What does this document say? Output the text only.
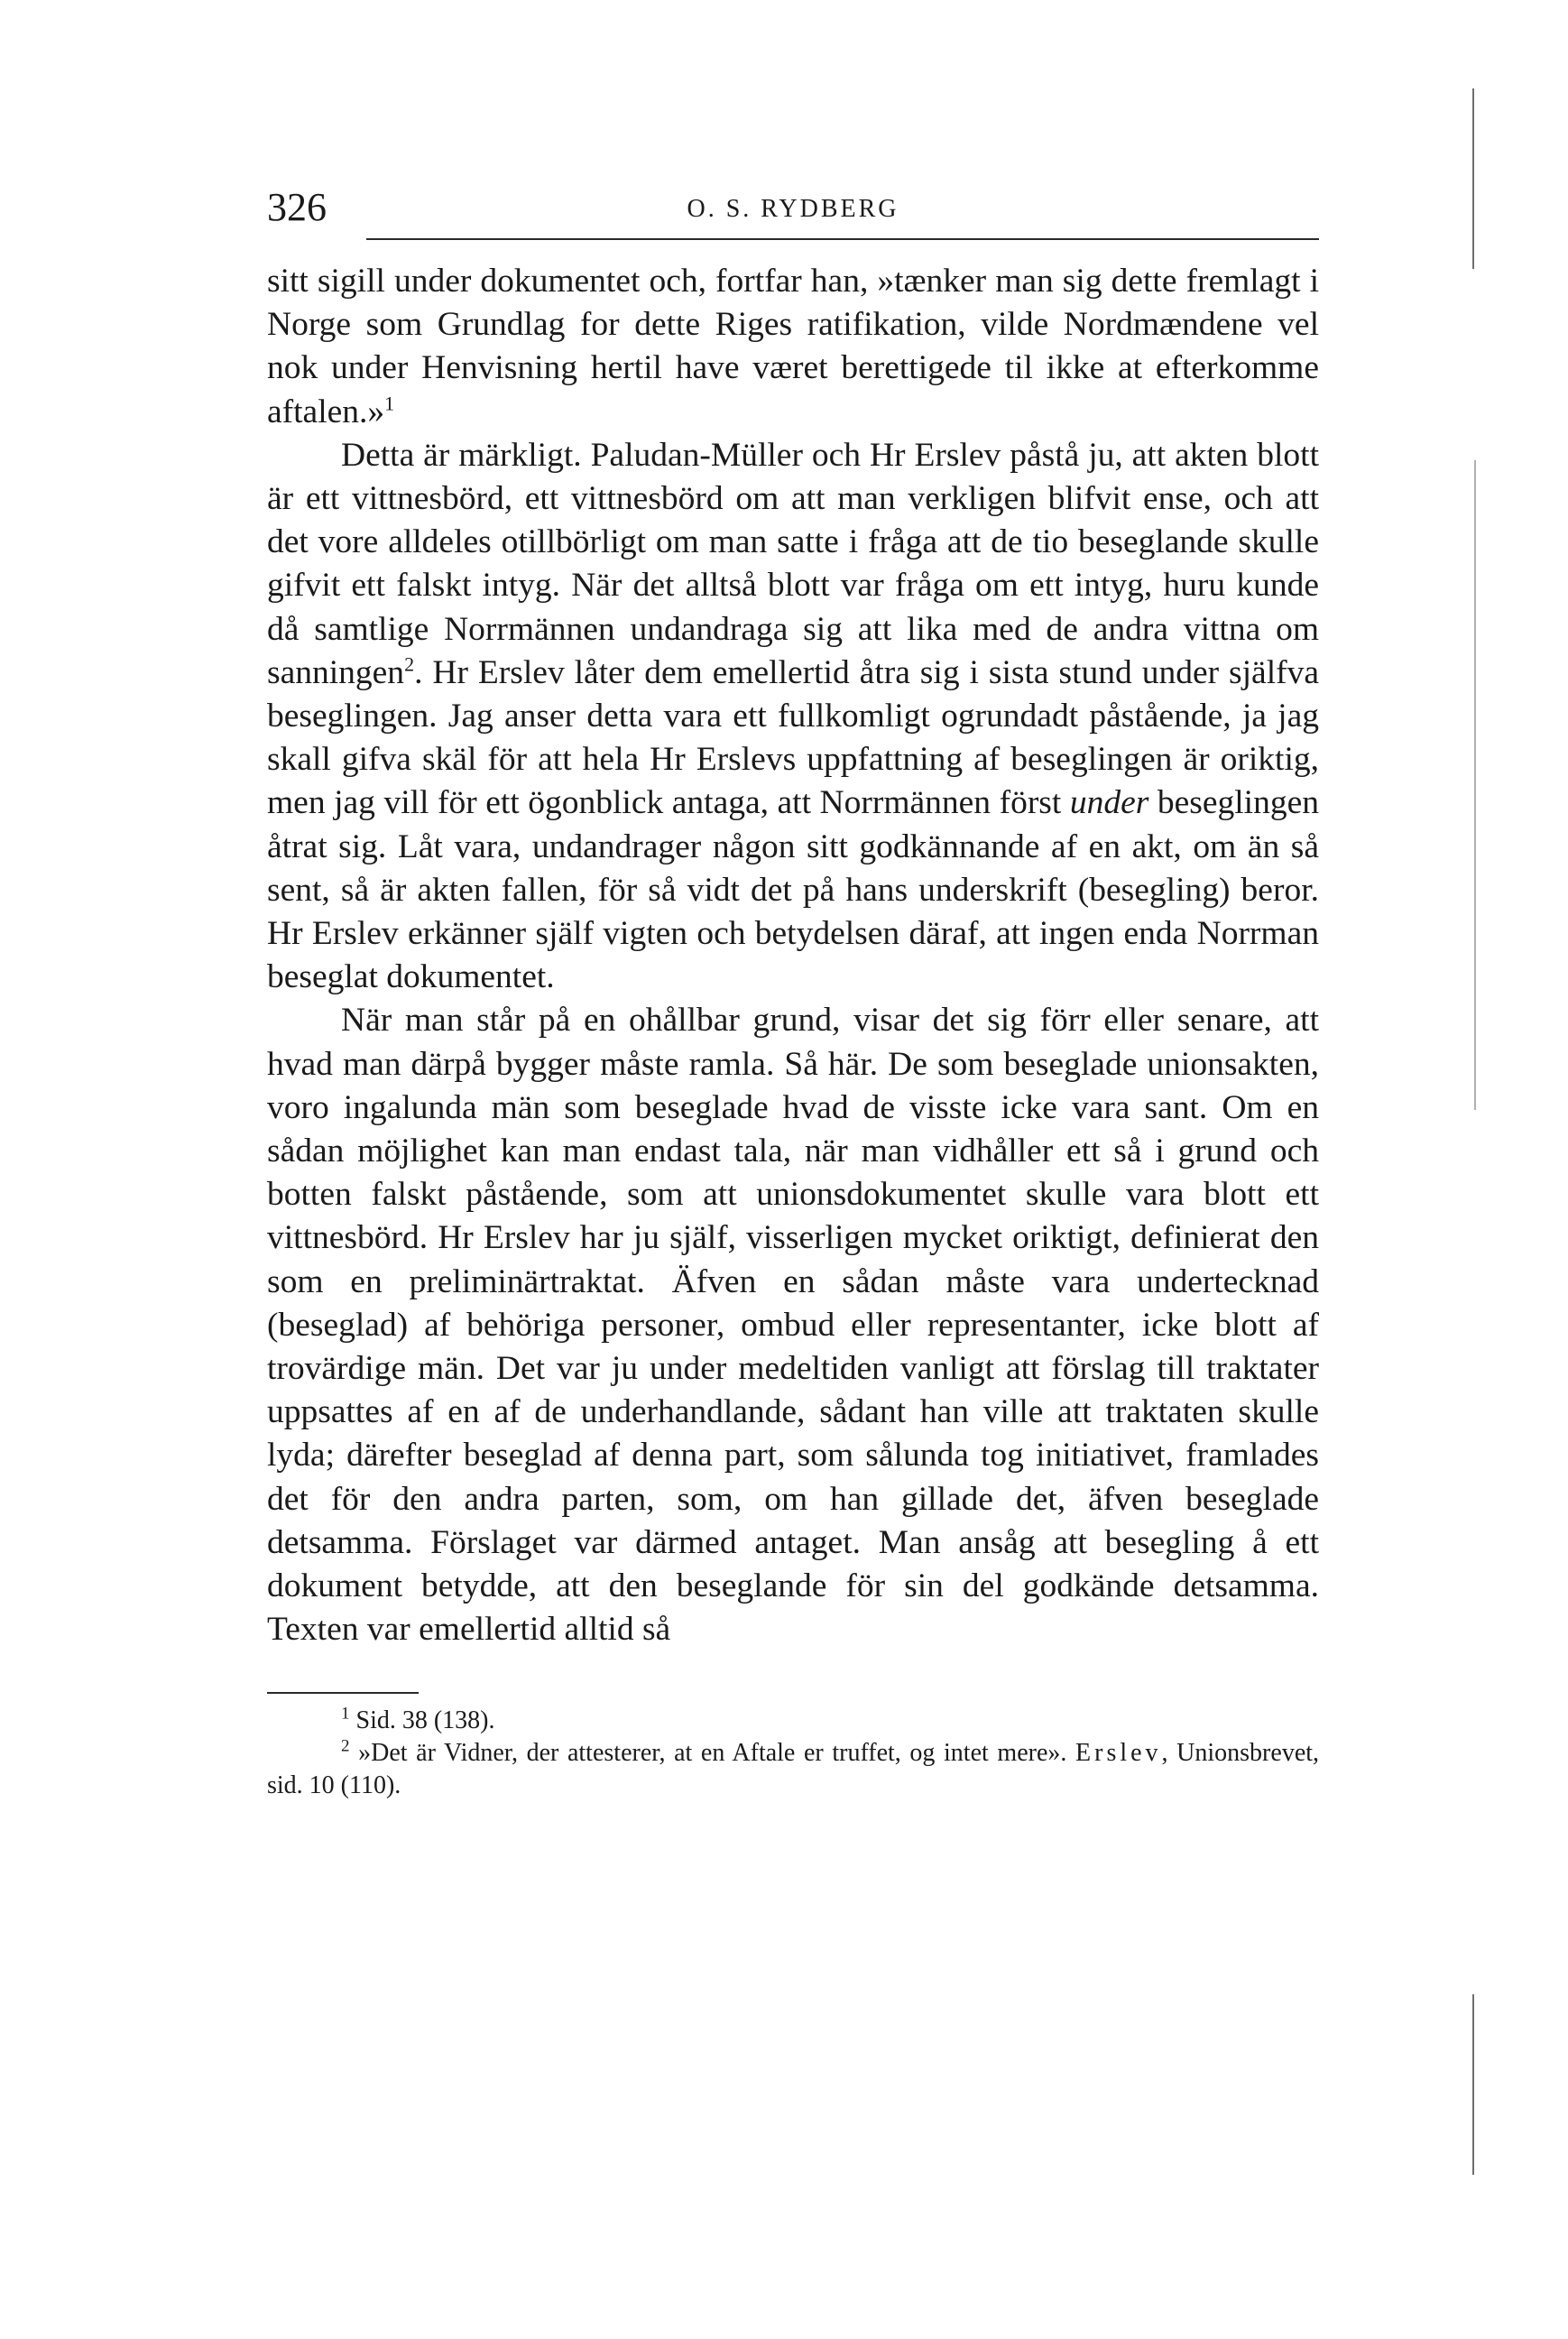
326	O. S. RYDBERG

sitt sigill under dokumentet och, fortfar han, »tænker man sig dette fremlagt i Norge som Grundlag for dette Riges ratifikation, vilde Nordmændene vel nok under Henvisning hertil have været berettigede til ikke at efterkomme aftalen.»$^1$

Detta är märkligt. Paludan-Müller och Hr Erslev påstå ju, att akten blott är ett vittnesbörd, ett vittnesbörd om att man verkligen blifvit ense, och att det vore alldeles otillbörligt om man satte i fråga att de tio beseglande skulle gifvit ett falskt intyg. När det alltså blott var fråga om ett intyg, huru kunde då samtlige Norrmännen undandraga sig att lika med de andra vittna om sanningen$^2$. Hr Erslev låter dem emellertid åtra sig i sista stund under själfva beseglingen. Jag anser detta vara ett fullkomligt ogrundadt påstående, ja jag skall gifva skäl för att hela Hr Erslevs uppfattning af beseglingen är oriktig, men jag vill för ett ögonblick antaga, att Norrmännen först under beseglingen åtrat sig. Låt vara, undandrager någon sitt godkännande af en akt, om än så sent, så är akten fallen, för så vidt det på hans underskrift (besegling) beror. Hr Erslev erkänner själf vigten och betydelsen däraf, att ingen enda Norrman beseglat dokumentet.

När man står på en ohållbar grund, visar det sig förr eller senare, att hvad man därpå bygger måste ramla. Så här. De som beseglade unionsakten, voro ingalunda män som beseglade hvad de visste icke vara sant. Om en sådan möjlighet kan man endast tala, när man vidhåller ett så i grund och botten falskt påstående, som att unionsdokumentet skulle vara blott ett vittnesbörd. Hr Erslev har ju själf, visserligen mycket oriktigt, definierat den som en preliminärtraktat. Äfven en sådan måste vara undertecknad (beseglad) af behöriga personer, ombud eller representanter, icke blott af trovärdige män. Det var ju under medeltiden vanligt att förslag till traktater uppsattes af en af de underhandlande, sådant han ville att traktaten skulle lyda; därefter beseglad af denna part, som sålunda tog initiativet, framlades det för den andra parten, som, om han gillade det, äfven beseglade detsamma. Förslaget var därmed antaget. Man ansåg att besegling å ett dokument betydde, att den beseglande för sin del godkände detsamma. Texten var emellertid alltid så

$^1$ Sid. 38 (138).

$^2$ »Det är Vidner, der attesterer, at en Aftale er truffet, og intet mere». Erslev, Unionsbrevet, sid. 10 (110).
